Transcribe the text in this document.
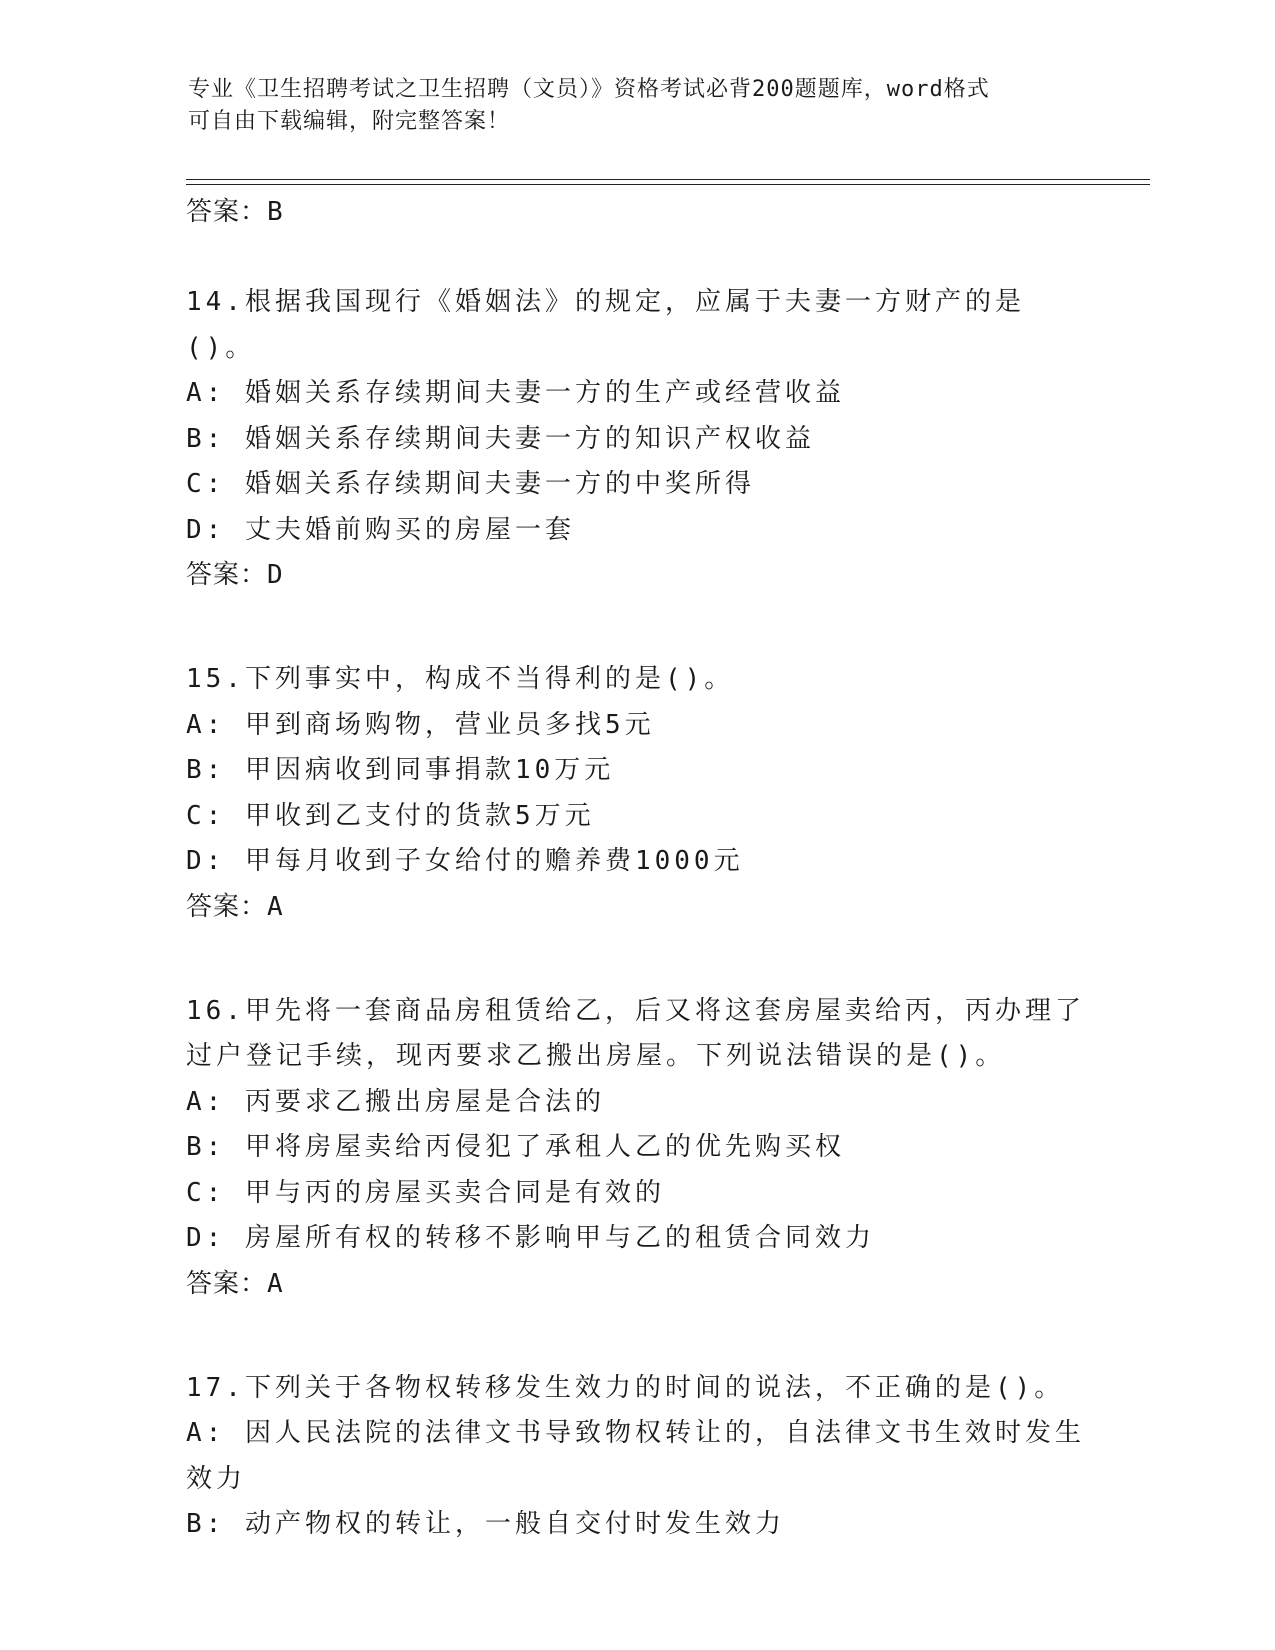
专业《卫生招聘考试之卫生招聘（文员）》资格考试必背200题题库，word格式
可自由下载编辑，附完整答案！
答案：B
14.根据我国现行《婚姻法》的规定，应属于夫妻一方财产的是()。
A: 婚姻关系存续期间夫妻一方的生产或经营收益
B: 婚姻关系存续期间夫妻一方的知识产权收益
C: 婚姻关系存续期间夫妻一方的中奖所得
D: 丈夫婚前购买的房屋一套
答案：D
15.下列事实中，构成不当得利的是()。
A: 甲到商场购物，营业员多找5元
B: 甲因病收到同事捐款10万元
C: 甲收到乙支付的货款5万元
D: 甲每月收到子女给付的赡养费1000元
答案：A
16.甲先将一套商品房租赁给乙，后又将这套房屋卖给丙，丙办理了过户登记手续，现丙要求乙搬出房屋。下列说法错误的是()。
A: 丙要求乙搬出房屋是合法的
B: 甲将房屋卖给丙侵犯了承租人乙的优先购买权
C: 甲与丙的房屋买卖合同是有效的
D: 房屋所有权的转移不影响甲与乙的租赁合同效力
答案：A
17.下列关于各物权转移发生效力的时间的说法，不正确的是()。
A: 因人民法院的法律文书导致物权转让的，自法律文书生效时发生效力
B: 动产物权的转让，一般自交付时发生效力
